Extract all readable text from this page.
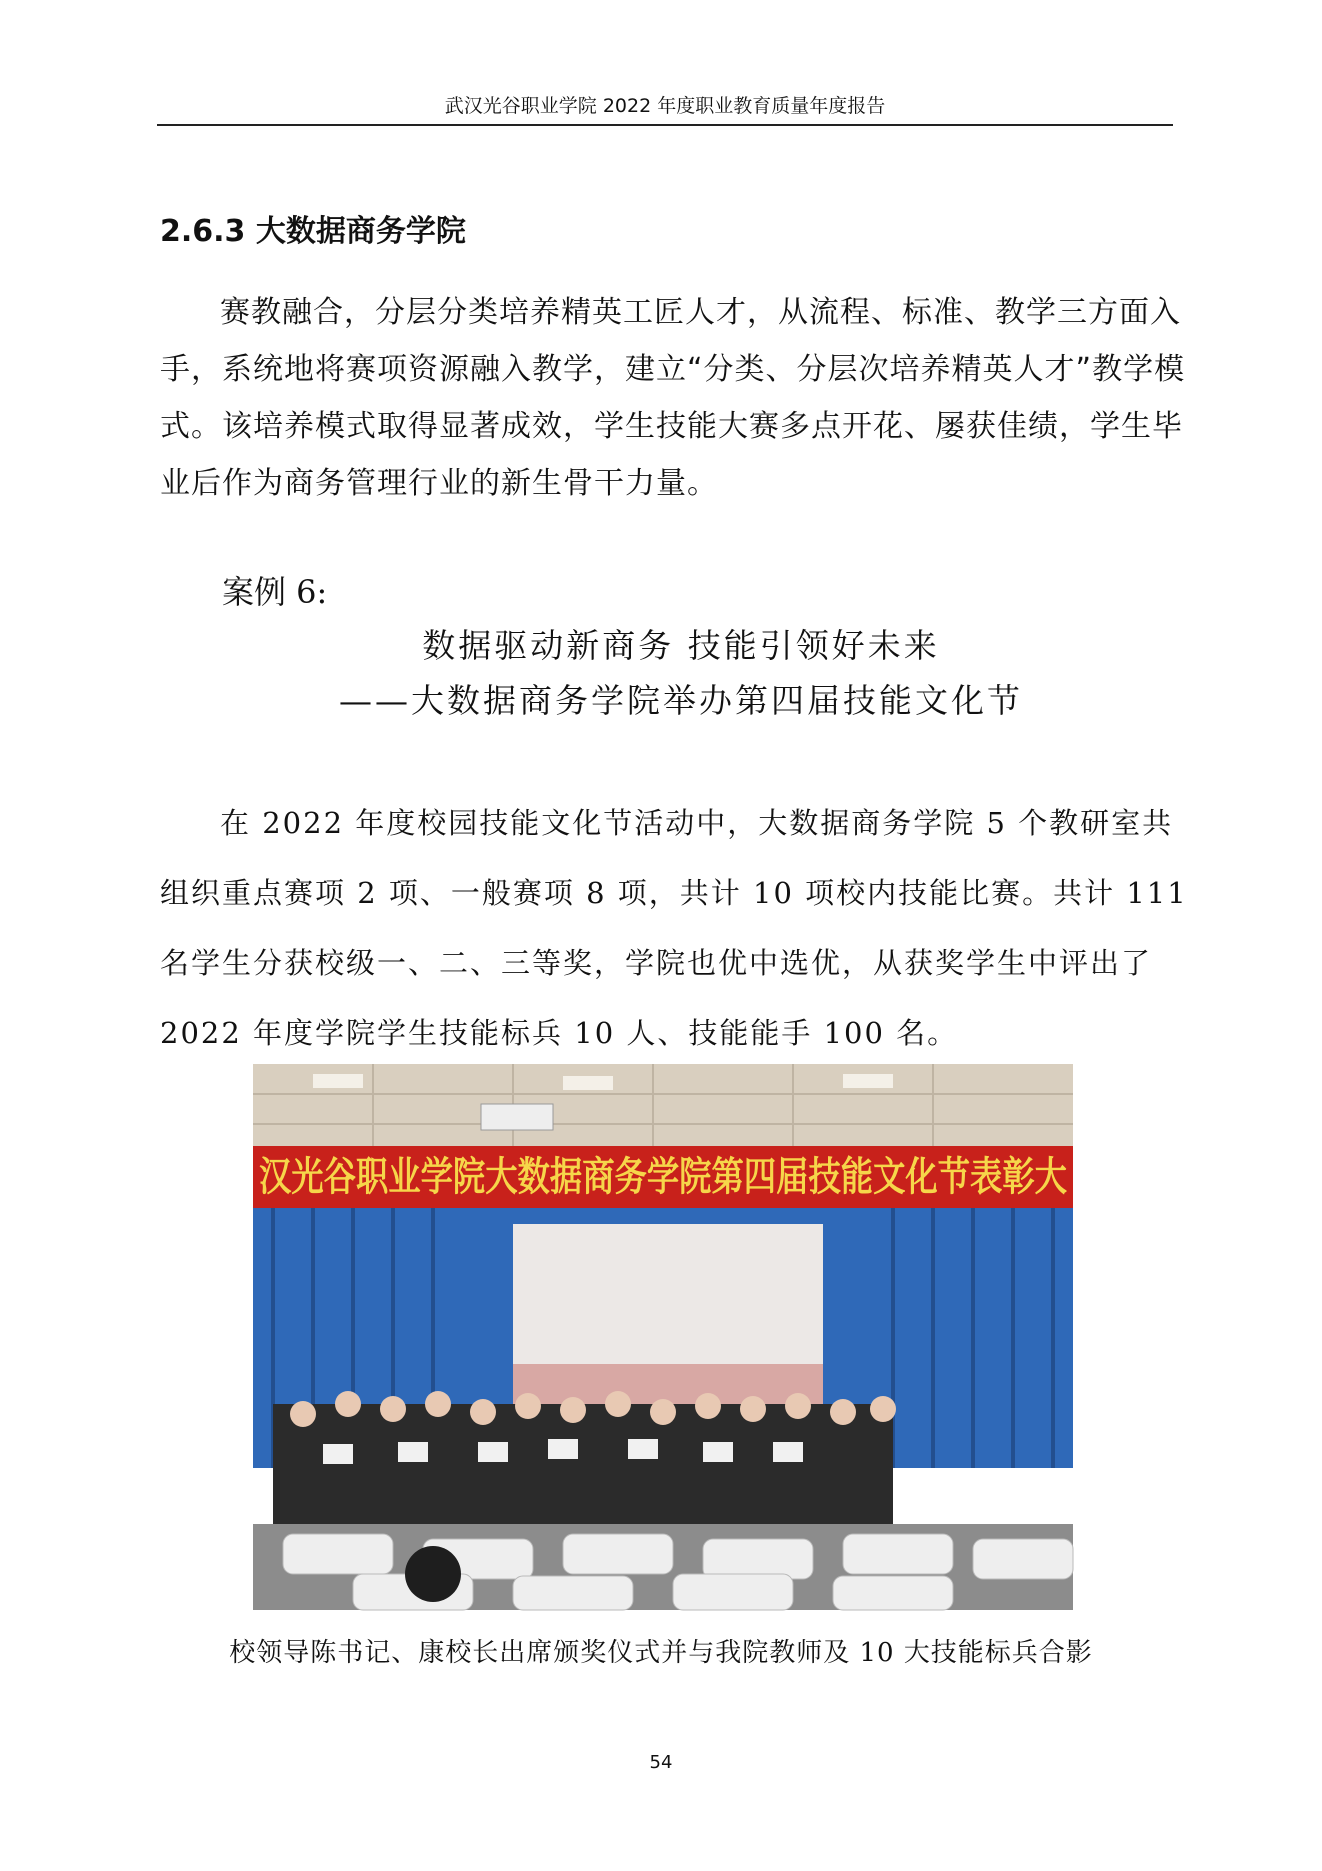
武汉光谷职业学院 2022 年度职业教育质量年度报告
2.6.3 大数据商务学院
赛教融合，分层分类培养精英工匠人才，从流程、标准、教学三方面入手，系统地将赛项资源融入教学，建立“分类、分层次培养精英人才”教学模式。该培养模式取得显著成效，学生技能大赛多点开花、屡获佳绩，学生毕业后作为商务管理行业的新生骨干力量。
案例 6:
数据驱动新商务 技能引领好未来
——大数据商务学院举办第四届技能文化节
在 2022 年度校园技能文化节活动中，大数据商务学院 5 个教研室共组织重点赛项 2 项、一般赛项 8 项，共计 10 项校内技能比赛。共计 111 名学生分获校级一、二、三等奖，学院也优中选优，从获奖学生中评出了 2022 年度学院学生技能标兵 10 人、技能能手 100 名。
汉光谷职业学院大数据商务学院第四届技能文化节表彰大
校领导陈书记、康校长出席颁奖仪式并与我院教师及 10 大技能标兵合影
54
